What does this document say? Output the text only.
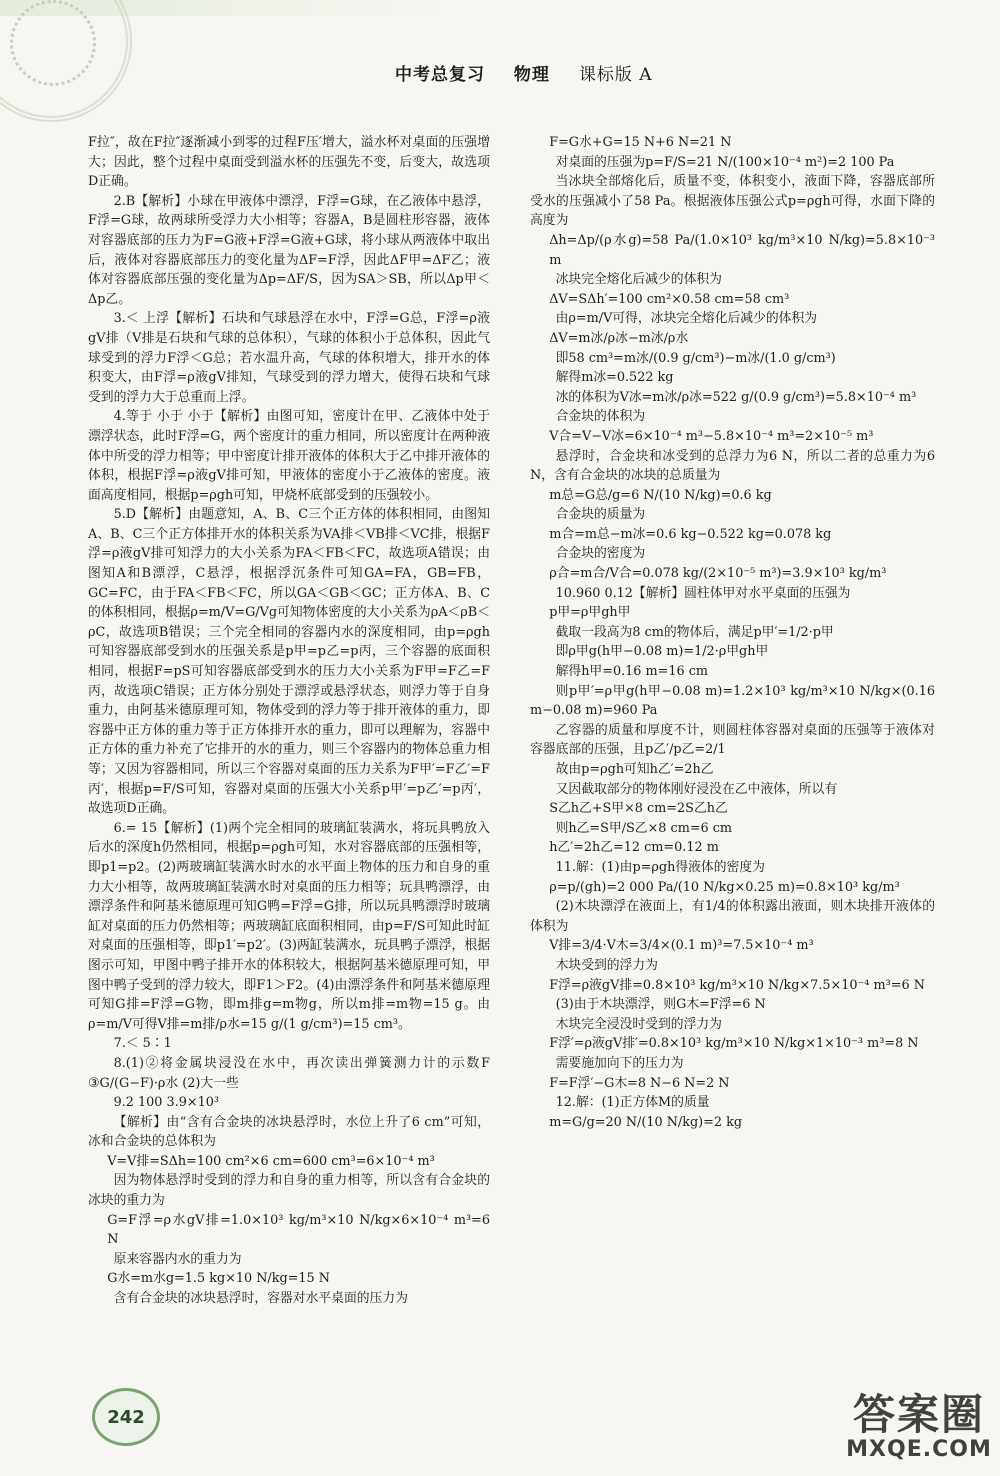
中考总复习 物理 课标版 A

F拉″，故在F拉″逐渐减小到零的过程F压′增大，溢水杯对桌面的压强增大；因此，整个过程中桌面受到溢水杯的压强先不变，后变大，故选项D正确。

2.B【解析】小球在甲液体中漂浮，F浮=G球，在乙液体中悬浮，F浮=G球，故两球所受浮力大小相等；容器A，B是圆柱形容器，液体对容器底部的压力为F=G液+F浮=G液+G球，将小球从两液体中取出后，液体对容器底部压力的变化量为ΔF=F浮，因此ΔF甲=ΔF乙；液体对容器底部压强的变化量为Δp=ΔF/S，因为SA＞SB，所以Δp甲＜Δp乙。

3.＜ 上浮【解析】石块和气球悬浮在水中，F浮=G总，F浮=ρ液gV排（V排是石块和气球的总体积），气球的体积小于总体积，因此气球受到的浮力F浮＜G总；若水温升高，气球的体积增大，排开水的体积变大，由F浮=ρ液gV排知，气球受到的浮力增大，使得石块和气球受到的浮力大于总重而上浮。

4.等于 小于 小于【解析】由图可知，密度计在甲、乙液体中处于漂浮状态，此时F浮=G，两个密度计的重力相同，所以密度计在两种液体中所受的浮力相等；甲中密度计排开液体的体积大于乙中排开液体的体积，根据F浮=ρ液gV排可知，甲液体的密度小于乙液体的密度。液面高度相同，根据p=ρgh可知，甲烧杯底部受到的压强较小。

5.D【解析】由题意知，A、B、C三个正方体的体积相同，由图知A、B、C三个正方体排开水的体积关系为VA排＜VB排＜VC排，根据F浮=ρ液gV排可知浮力的大小关系为FA＜FB＜FC，故选项A错误；由图知A和B漂浮，C悬浮，根据浮沉条件可知GA=FA，GB=FB，GC=FC，由于FA＜FB＜FC，所以GA＜GB＜GC；正方体A、B、C的体积相同，根据ρ=m/V=G/Vg可知物体密度的大小关系为ρA＜ρB＜ρC，故选项B错误；三个完全相同的容器内水的深度相同，由p=ρgh可知容器底部受到水的压强关系是p甲=p乙=p丙，三个容器的底面积相同，根据F=pS可知容器底部受到水的压力大小关系为F甲=F乙=F丙，故选项C错误；正方体分别处于漂浮或悬浮状态，则浮力等于自身重力，由阿基米德原理可知，物体受到的浮力等于排开液体的重力，即容器中正方体的重力等于正方体排开水的重力，即可以理解为，容器中正方体的重力补充了它排开的水的重力，则三个容器内的物体总重力相等；又因为容器相同，所以三个容器对桌面的压力关系为F甲′=F乙′=F丙′，根据p=F/S可知，容器对桌面的压强大小关系p甲′=p乙′=p丙′，故选项D正确。

6.= 15【解析】(1)两个完全相同的玻璃缸装满水，将玩具鸭放入后水的深度h仍然相同，根据p=ρgh可知，水对容器底部的压强相等，即p1=p2。(2)两玻璃缸装满水时水的水平面上物体的压力和自身的重力大小相等，故两玻璃缸装满水时对桌面的压力相等；玩具鸭漂浮，由漂浮条件和阿基米德原理可知G鸭=F浮=G排，所以玩具鸭漂浮时玻璃缸对桌面的压力仍然相等；两玻璃缸底面积相同，由p=F/S可知此时缸对桌面的压强相等，即p1′=p2′。(3)两缸装满水，玩具鸭子漂浮，根据图示可知，甲图中鸭子排开水的体积较大，根据阿基米德原理可知，甲图中鸭子受到的浮力较大，即F1＞F2。(4)由漂浮条件和阿基米德原理可知G排=F浮=G物，即m排g=m物g，所以m排=m物=15 g。由ρ=m/V可得V排=m排/ρ水=15 g/(1 g/cm³)=15 cm³。

7.＜ 5∶1

8.(1)②将金属块浸没在水中，再次读出弹簧测力计的示数F ③G/(G−F)·ρ水 (2)大一些

9.2 100 3.9×10³

【解析】由“含有合金块的冰块悬浮时，水位上升了6 cm”可知，冰和合金块的总体积为

V=V排=SΔh=100 cm²×6 cm=600 cm³=6×10⁻⁴ m³

因为物体悬浮时受到的浮力和自身的重力相等，所以含有合金块的冰块的重力为

G=F浮=ρ水gV排=1.0×10³ kg/m³×10 N/kg×6×10⁻⁴ m³=6 N

原来容器内水的重力为

G水=m水g=1.5 kg×10 N/kg=15 N

含有合金块的冰块悬浮时，容器对水平桌面的压力为

F=G水+G=15 N+6 N=21 N

对桌面的压强为p=F/S=21 N/(100×10⁻⁴ m²)=2 100 Pa

当冰块全部熔化后，质量不变，体积变小，液面下降，容器底部所受水的压强减小了58 Pa。根据液体压强公式p=ρgh可得，水面下降的高度为

Δh=Δp/(ρ水g)=58 Pa/(1.0×10³ kg/m³×10 N/kg)=5.8×10⁻³ m

冰块完全熔化后减少的体积为

ΔV=SΔh′=100 cm²×0.58 cm=58 cm³

由ρ=m/V可得，冰块完全熔化后减少的体积为

ΔV=m冰/ρ冰−m冰/ρ水

即58 cm³=m冰/(0.9 g/cm³)−m冰/(1.0 g/cm³)

解得m冰=0.522 kg

冰的体积为V冰=m冰/ρ冰=522 g/(0.9 g/cm³)=5.8×10⁻⁴ m³

合金块的体积为

V合=V−V冰=6×10⁻⁴ m³−5.8×10⁻⁴ m³=2×10⁻⁵ m³

悬浮时，合金块和冰受到的总浮力为6 N，所以二者的总重力为6 N，含有合金块的冰块的总质量为

m总=G总/g=6 N/(10 N/kg)=0.6 kg

合金块的质量为

m合=m总−m冰=0.6 kg−0.522 kg=0.078 kg

合金块的密度为

ρ合=m合/V合=0.078 kg/(2×10⁻⁵ m³)=3.9×10³ kg/m³

10.960 0.12【解析】圆柱体甲对水平桌面的压强为

p甲=ρ甲gh甲

截取一段高为8 cm的物体后，满足p甲′=1/2·p甲

即ρ甲g(h甲−0.08 m)=1/2·ρ甲gh甲

解得h甲=0.16 m=16 cm

则p甲′=ρ甲g(h甲−0.08 m)=1.2×10³ kg/m³×10 N/kg×(0.16 m−0.08 m)=960 Pa

乙容器的质量和厚度不计，则圆柱体容器对桌面的压强等于液体对容器底部的压强，且p乙′/p乙=2/1

故由p=ρgh可知h乙′=2h乙

又因截取部分的物体刚好浸没在乙中液体，所以有

S乙h乙+S甲×8 cm=2S乙h乙

则h乙=S甲/S乙×8 cm=6 cm

h乙′=2h乙=12 cm=0.12 m

11.解：(1)由p=ρgh得液体的密度为

ρ=p/(gh)=2 000 Pa/(10 N/kg×0.25 m)=0.8×10³ kg/m³

(2)木块漂浮在液面上，有1/4的体积露出液面，则木块排开液体的体积为

V排=3/4·V木=3/4×(0.1 m)³=7.5×10⁻⁴ m³

木块受到的浮力为

F浮=ρ液gV排=0.8×10³ kg/m³×10 N/kg×7.5×10⁻⁴ m³=6 N

(3)由于木块漂浮，则G木=F浮=6 N

木块完全浸没时受到的浮力为

F浮′=ρ液gV排′=0.8×10³ kg/m³×10 N/kg×1×10⁻³ m³=8 N

需要施加向下的压力为

F=F浮′−G木=8 N−6 N=2 N

12.解：(1)正方体M的质量

m=G/g=20 N/(10 N/kg)=2 kg

242	答案圈
MXQE.COM
